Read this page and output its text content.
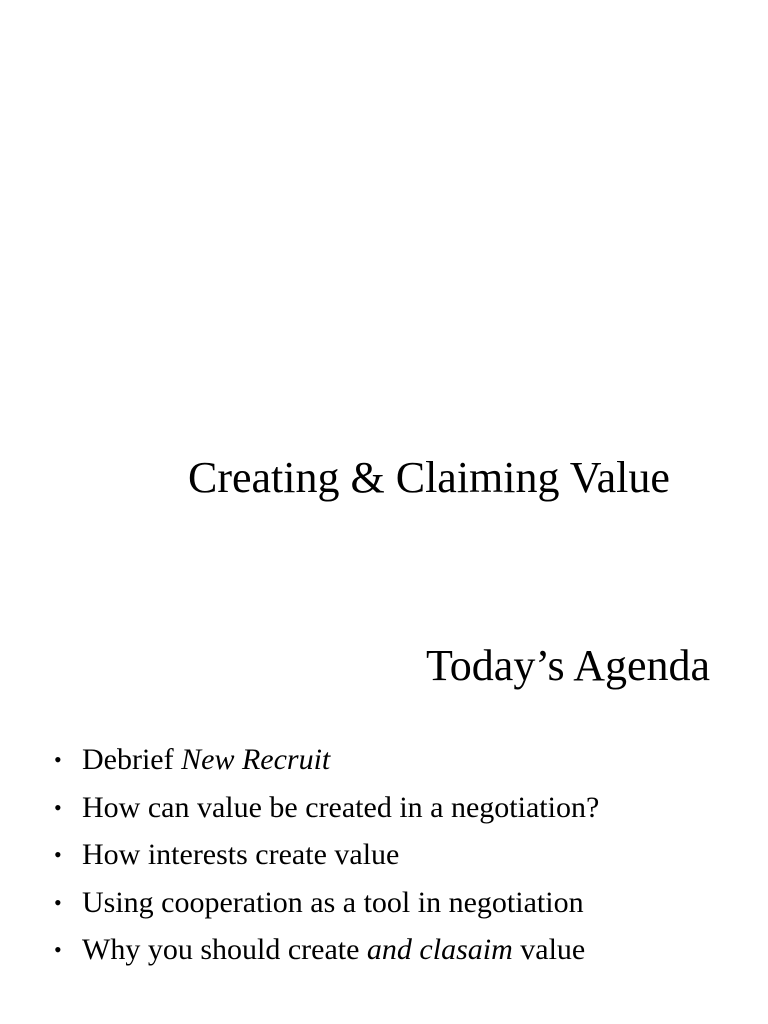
Creating & Claiming Value
Today’s Agenda
• Debrief New Recruit
• How can value be created in a negotiation?
• How interests create value
• Using cooperation as a tool in negotiation
• Why you should create and clasaim value
